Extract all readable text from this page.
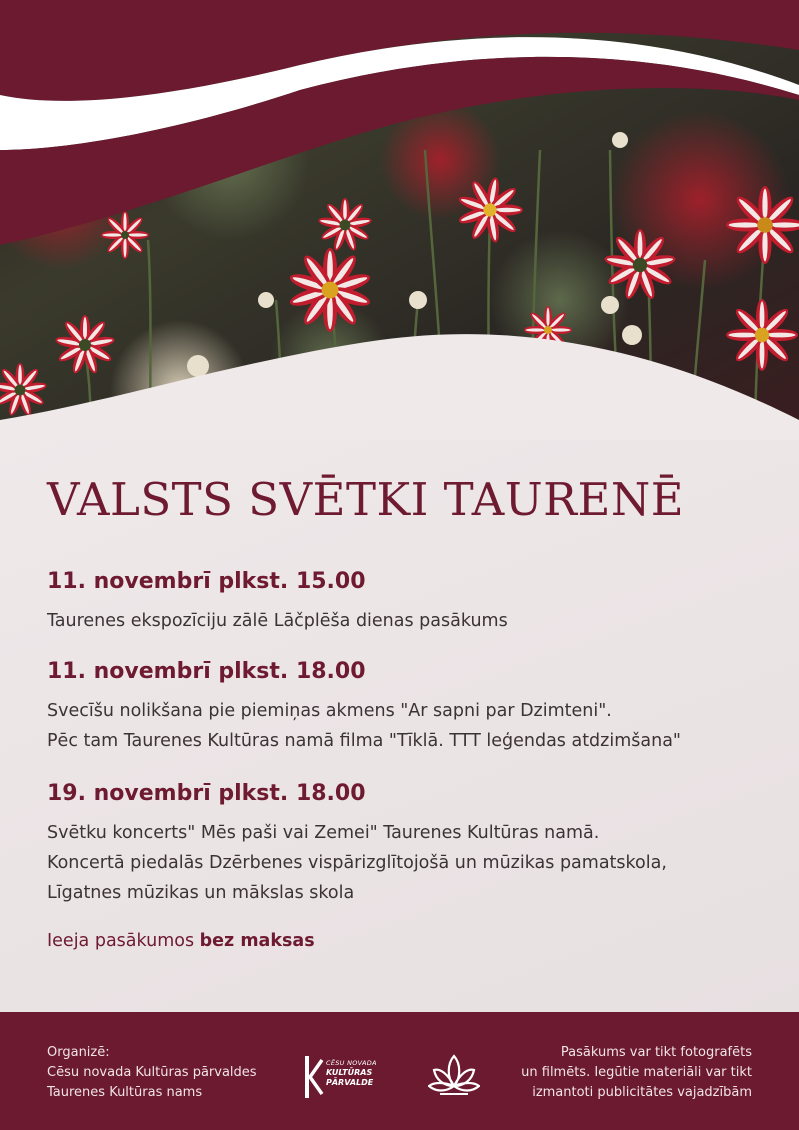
VALSTS SVĒTKI TAURENĒ
11. novembrī plkst. 15.00
Taurenes ekspozīciju zālē Lāčplēša dienas pasākums
11. novembrī plkst. 18.00
Svecīšu nolikšana pie piemiņas akmens "Ar sapni par Dzimteni".
Pēc tam Taurenes Kultūras namā filma "Tīklā. TTT leģendas atdzimšana"
19. novembrī plkst. 18.00
Svētku koncerts" Mēs paši vai Zemei" Taurenes Kultūras namā.
Koncertā piedalās Dzērbenes vispārizglītojošā un mūzikas pamatskola,
Līgatnes mūzikas un mākslas skola
Ieeja pasākumos bez maksas
Organizē:
Cēsu novada Kultūras pārvaldes
Taurenes Kultūras nams
CĒSU NOVADA
KULTŪRAS
PĀRVALDE
Pasākums var tikt fotografēts
un filmēts. Iegūtie materiāli var tikt
izmantoti publicitātes vajadzībām
